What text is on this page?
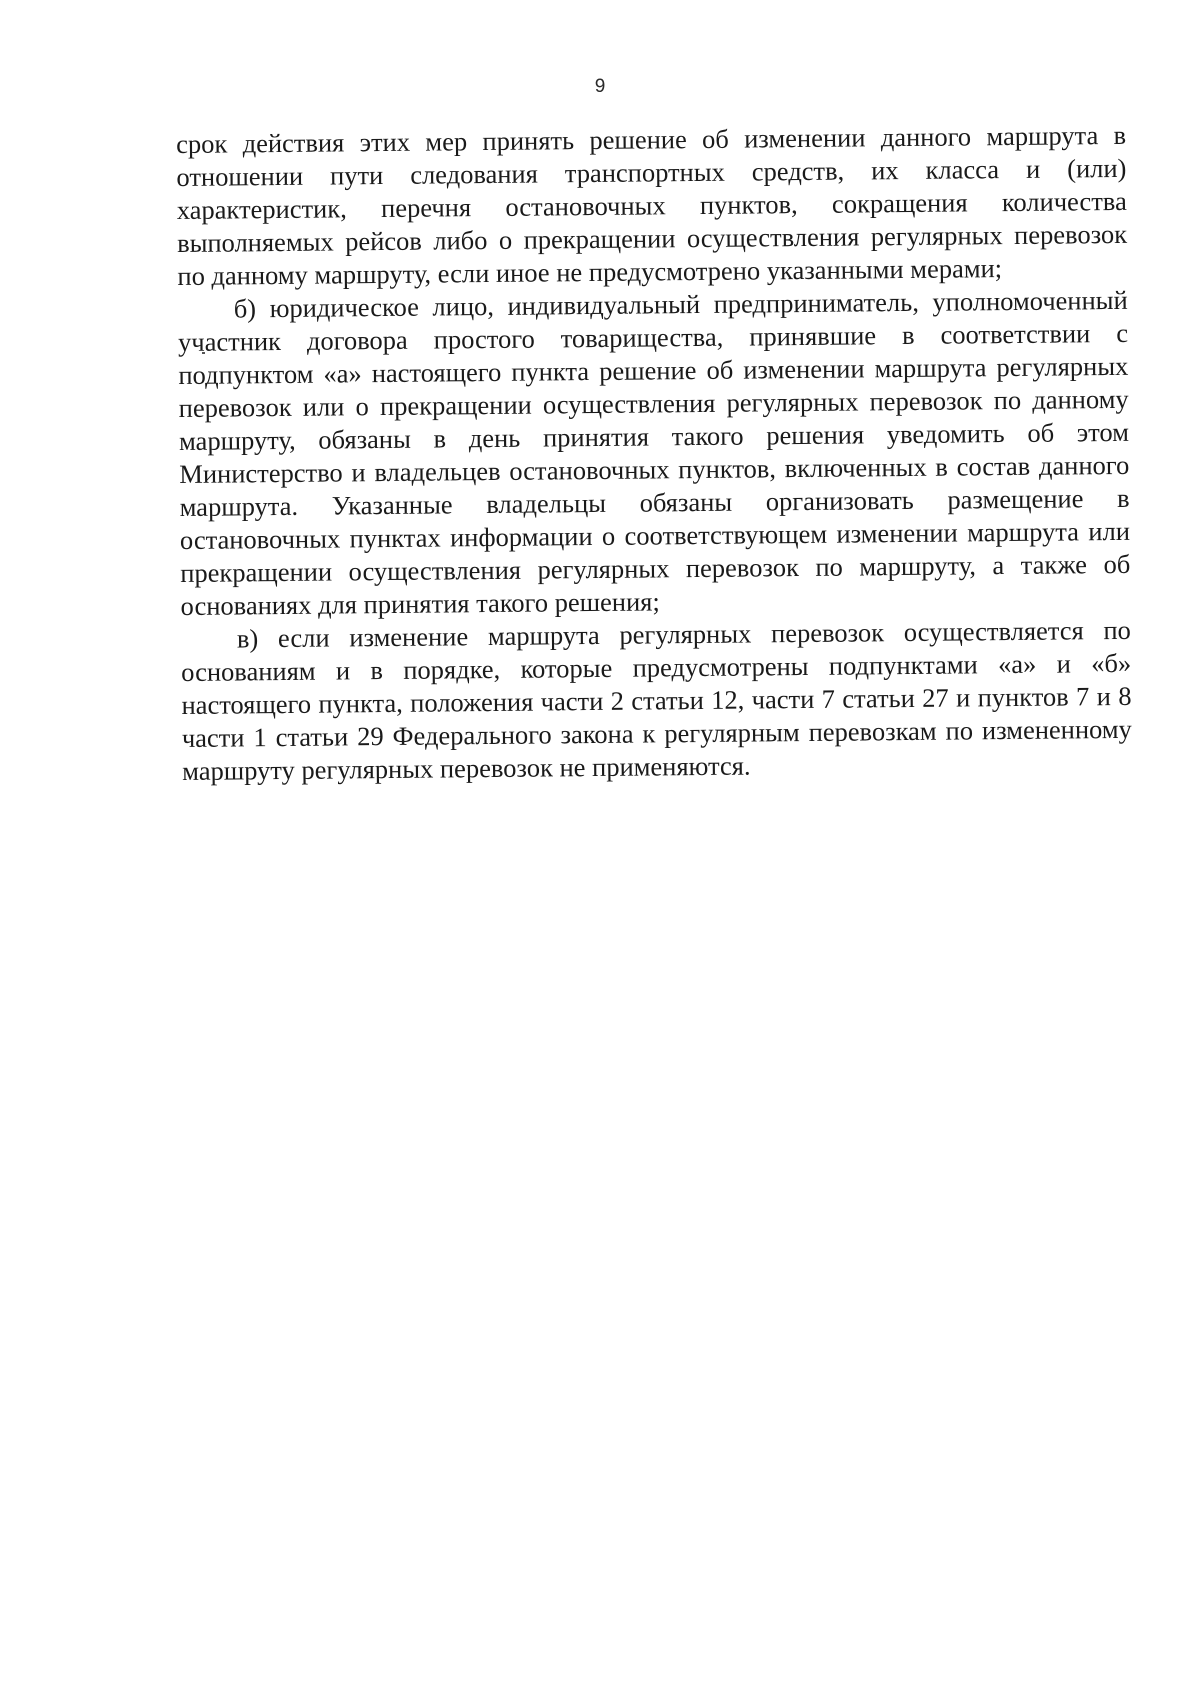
9

срок действия этих мер принять решение об изменении данного маршрута в отношении пути следования транспортных средств, их класса и (или) характеристик, перечня остановочных пунктов, сокращения количества выполняемых рейсов либо о прекращении осуществления регулярных перевозок по данному маршруту, если иное не предусмотрено указанными мерами;

б) юридическое лицо, индивидуальный предприниматель, уполномоченный участник договора простого товарищества, принявшие в соответствии с подпунктом «а» настоящего пункта решение об изменении маршрута регулярных перевозок или о прекращении осуществления регулярных перевозок по данному маршруту, обязаны в день принятия такого решения уведомить об этом Министерство и владельцев остановочных пунктов, включенных в состав данного маршрута. Указанные владельцы обязаны организовать размещение в остановочных пунктах информации о соответствующем изменении маршрута или прекращении осуществления регулярных перевозок по маршруту, а также об основаниях для принятия такого решения;

в) если изменение маршрута регулярных перевозок осуществляется по основаниям и в порядке, которые предусмотрены подпунктами «а» и «б» настоящего пункта, положения части 2 статьи 12, части 7 статьи 27 и пунктов 7 и 8 части 1 статьи 29 Федерального закона к регулярным перевозкам по измененному маршруту регулярных перевозок не применяются.
